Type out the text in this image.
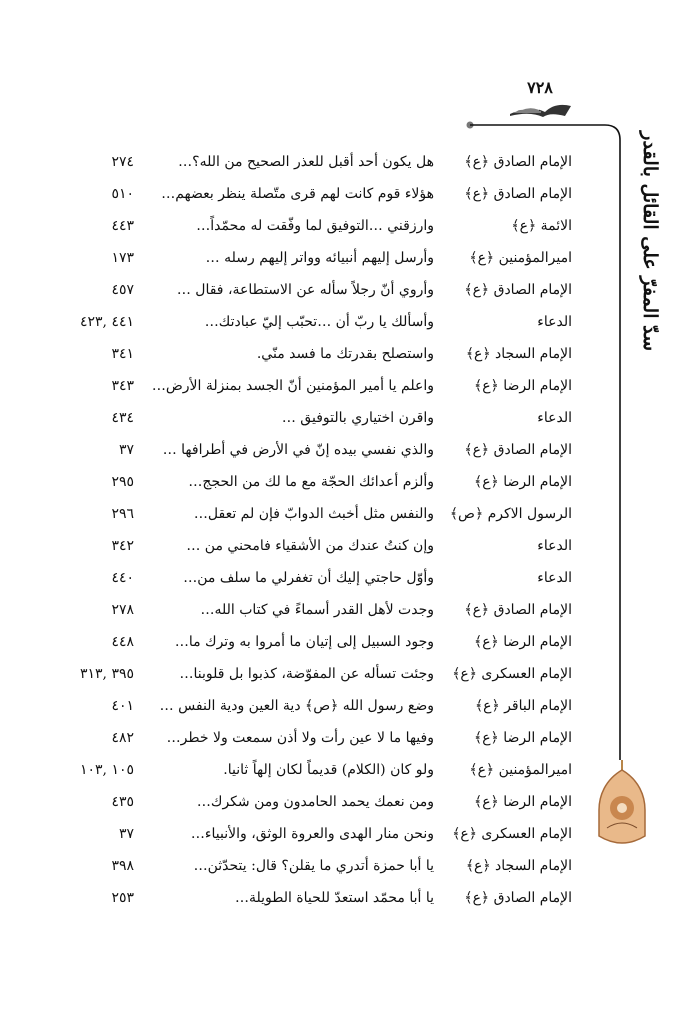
٧٢٨
سدّ المفرّ على القائل بالقدر
الإمام الصادق ﴿ع﴾
هل يكون أحد أقبل للعذر الصحيح من الله؟…
٢٧٤
الإمام الصادق ﴿ع﴾
هؤلاء قوم كانت لهم قرى متّصلة ينظر بعضهم…
٥١٠
الائمة ﴿ع﴾
وارزقني …التوفيق لما وفّقت له محمّداً…
٤٤٣
اميرالمؤمنين ﴿ع﴾
وأرسل إليهم أنبيائه وواتر إليهم رسله …
١٧٣
الإمام الصادق ﴿ع﴾
وأروي أنّ رجلاً سأله عن الاستطاعة، فقال …
٤٥٧
الدعاء
وأسألك يا ربّ أن …تحبّب إليّ عبادتك…
٤٤١ ,٤٢٣
الإمام السجاد ﴿ع﴾
واستصلح بقدرتك ما فسد منّي.
٣٤١
الإمام الرضا ﴿ع﴾
واعلم يا أمير المؤمنين أنّ الجسد بمنزلة الأرض…
٣٤٣
الدعاء
واقرن اختياري بالتوفيق …
٤٣٤
الإمام الصادق ﴿ع﴾
والذي نفسي بيده إنّ في الأرض في أطرافها …
٣٧
الإمام الرضا ﴿ع﴾
وألزم أعدائك الحجّة مع ما لك من الحجج…
٢٩٥
الرسول الاكرم ﴿ص﴾
والنفس مثل أخبث الدوابّ فإن لم تعقل…
٢٩٦
الدعاء
وإن كنتُ عندك من الأشقياء فامحني من …
٣٤٢
الدعاء
وأوّل حاجتي إليك أن تغفرلي ما سلف من…
٤٤٠
الإمام الصادق ﴿ع﴾
وجدت لأهل القدر أسماءً في كتاب الله…
٢٧٨
الإمام الرضا ﴿ع﴾
وجود السبيل إلى إتيان ما أمروا به وترك ما…
٤٤٨
الإمام العسكرى ﴿ع﴾
وجئت تسأله عن المفوّضة، كذبوا بل قلوبنا…
٣٩٥ ,٣١٣
الإمام الباقر ﴿ع﴾
وضع رسول الله ﴿ص﴾ دية العين ودية النفس …
٤٠١
الإمام الرضا ﴿ع﴾
وفيها ما لا عين رأت ولا أذن سمعت ولا خطر…
٤٨٢
اميرالمؤمنين ﴿ع﴾
ولو كان (الكلام) قديماً لكان إلهاً ثانيا.
١٠٥ ,١٠٣
الإمام الرضا ﴿ع﴾
ومن نعمك يحمد الحامدون ومن شكرك…
٤٣٥
الإمام العسكرى ﴿ع﴾
ونحن منار الهدى والعروة الوثق، والأنبياء…
٣٧
الإمام السجاد ﴿ع﴾
يا أبا حمزة أتدري ما يقلن؟ قال: يتحدّثن…
٣٩٨
الإمام الصادق ﴿ع﴾
يا أبا محمّد استعدّ للحياة الطويلة…
٢٥٣
